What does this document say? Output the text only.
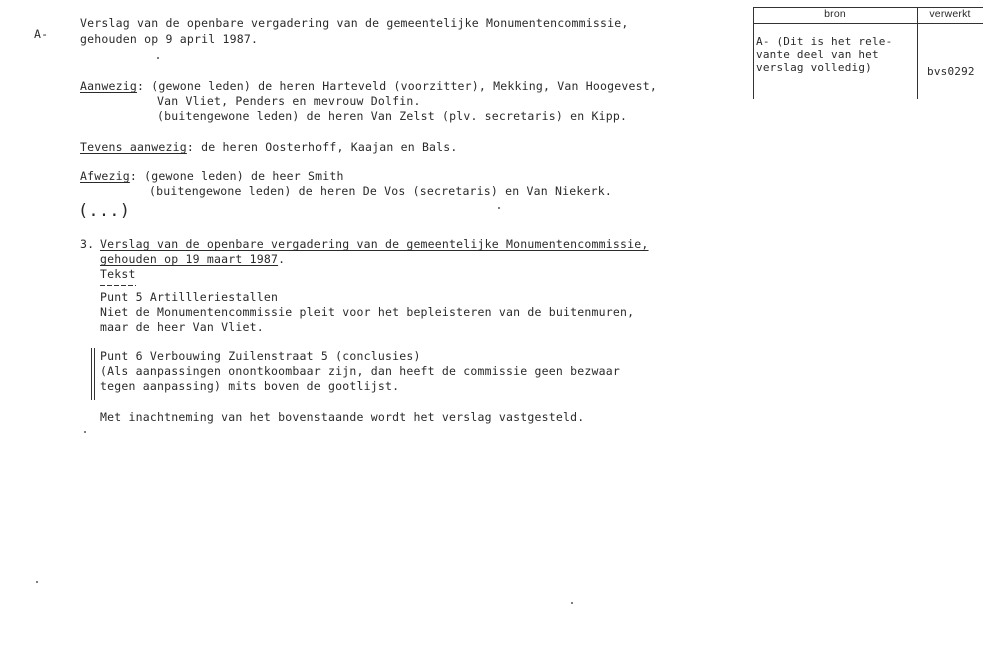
A-
Verslag van de openbare vergadering van de gemeentelijke Monumentencommissie,
gehouden op 9 april 1987.
Aanwezig: (gewone leden) de heren Harteveld (voorzitter), Mekking, Van Hoogevest,
Van Vliet, Penders en mevrouw Dolfin.
(buitengewone leden) de heren Van Zelst (plv. secretaris) en Kipp.
Tevens aanwezig: de heren Oosterhoff, Kaajan en Bals.
Afwezig: (gewone leden) de heer Smith
(buitengewone leden) de heren De Vos (secretaris) en Van Niekerk.
(...)
3. Verslag van de openbare vergadering van de gemeentelijke Monumentencommissie,
gehouden op 19 maart 1987.
Tekst
Punt 5 Artillleriestallen
Niet de Monumentencommissie pleit voor het bepleisteren van de buitenmuren,
maar de heer Van Vliet.
Punt 6 Verbouwing Zuilenstraat 5 (conclusies)
(Als aanpassingen onontkoombaar zijn, dan heeft de commissie geen bezwaar
tegen aanpassing) mits boven de gootlijst.
Met inachtneming van het bovenstaande wordt het verslag vastgesteld.
bron	verwerkt
A- (Dit is het rele-
vante deel van het
verslag volledig)	bvs0292
